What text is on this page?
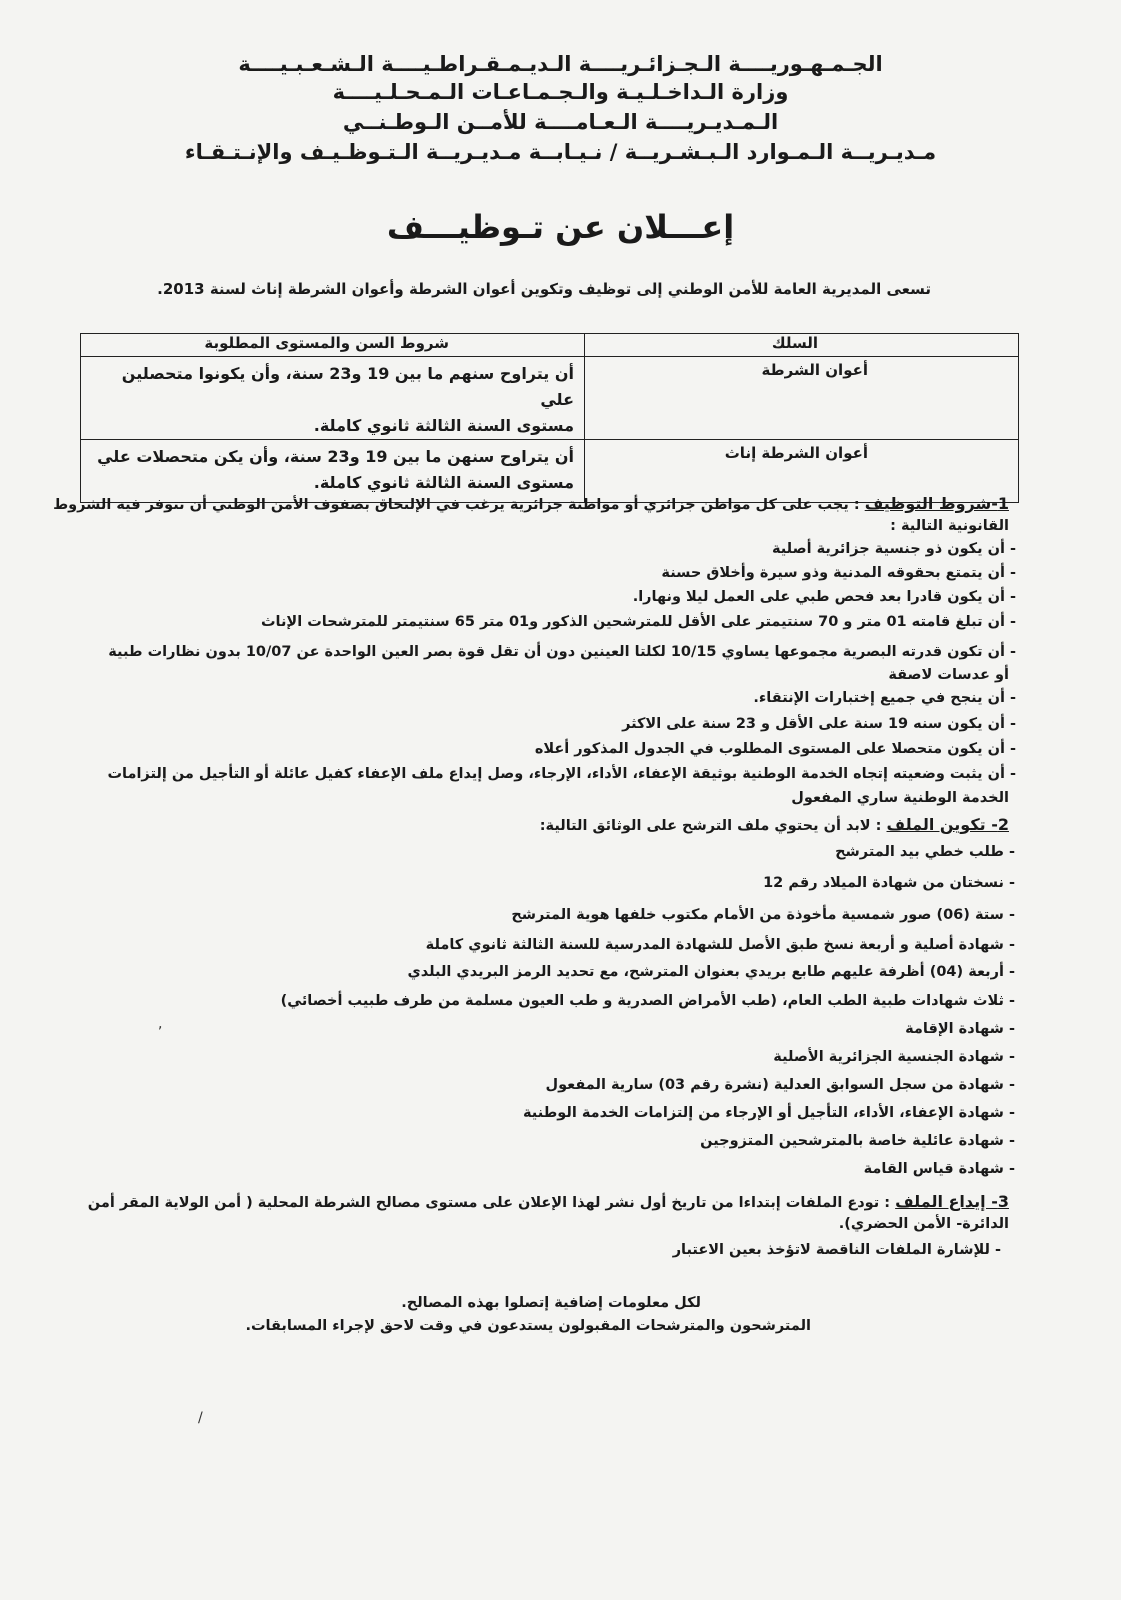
الجـمـهـوريــــة الـجـزائـريــــة الـديـمـقـراطـيــــة الـشـعـبـيــــة
وزارة الـداخـلـيـة والـجـمـاعـات الـمـحـلـيــــة
الـمـديـريــــة الـعـامــــة للأمــن الـوطـنــي
مـديـريــة الـمـوارد الـبـشـريــة / نـيـابــة مـديـريــة الـتـوظـيـف والإنـتـقـاء
إعـــلان عن تـوظيـــف
تسعى المديرية العامة للأمن الوطني إلى توظيف وتكوين أعوان الشرطة وأعوان الشرطة إناث لسنة 2013.
السلك	شروط السن والمستوى المطلوبة
أعوان الشرطة	أن يتراوح سنهم ما بين 19 و23 سنة، وأن يكونوا متحصلين علي
مستوى السنة الثالثة ثانوي كاملة.

أعوان الشرطة إناث	أن يتراوح سنهن ما بين 19 و23 سنة، وأن يكن متحصلات علي
مستوى السنة الثالثة ثانوي كاملة.
1-شروط التوظيف : يجب على كل مواطن جزائري أو مواطنة جزائرية يرغب في الإلتحاق بصفوف الأمن الوطني أن تتوفر فيه الشروط
القانونية التالية :
- أن يكون ذو جنسية جزائرية أصلية
- أن يتمتع بحقوقه المدنية وذو سيرة وأخلاق حسنة
- أن يكون قادرا بعد فحص طبي على العمل ليلا ونهارا.
- أن تبلغ قامته 01 متر و 70 سنتيمتر على الأقل للمترشحين الذكور و01 متر 65 سنتيمتر للمترشحات الإناث
- أن تكون قدرته البصرية مجموعها يساوي 10/15 لكلتا العينين دون أن تقل قوة بصر العين الواحدة عن 10/07 بدون نظارات طبية
أو عدسات لاصقة
- أن ينجح في جميع إختبارات الإنتقاء.
- أن يكون سنه 19 سنة على الأقل و 23 سنة على الاكثر
- أن يكون متحصلا على المستوى المطلوب في الجدول المذكور أعلاه
- أن يثبت وضعيته إتجاه الخدمة الوطنية بوثيقة الإعفاء، الأداء، الإرجاء، وصل إيداع ملف الإعفاء كفيل عائلة أو التأجيل من إلتزامات
الخدمة الوطنية ساري المفعول
2- تكوين الملف : لابد أن يحتوي ملف الترشح على الوثائق التالية:
- طلب خطي بيد المترشح
- نسختان من شهادة الميلاد رقم 12
- ستة (06) صور شمسية مأخوذة من الأمام مكتوب خلفها هوية المترشح
- شهادة أصلية و أربعة نسخ طبق الأصل للشهادة المدرسية للسنة الثالثة ثانوي كاملة
- أربعة (04) أظرفة عليهم طابع بريدي بعنوان المترشح، مع تحديد الرمز البريدي البلدي
- ثلاث شهادات طبية الطب العام، (طب الأمراض الصدرية و طب العيون مسلمة من طرف طبيب أخصائي)
- شهادة الإقامة
- شهادة الجنسية الجزائرية الأصلية
- شهادة من سجل السوابق العدلية (نشرة رقم 03) سارية المفعول
- شهادة الإعفاء، الأداء، التأجيل أو الإرجاء من إلتزامات الخدمة الوطنية
- شهادة عائلية خاصة بالمترشحين المتزوجين
- شهادة قياس القامة
3- إيداع الملف : تودع الملفات إبتداءا من تاريخ أول نشر لهذا الإعلان على مستوى مصالح الشرطة المحلية ( أمن الولاية المقر أمن
الدائرة- الأمن الحضري).
- للإشارة الملفات الناقصة لاتؤخذ بعين الاعتبار
لكل معلومات إضافية إتصلوا بهذه المصالح.
المترشحون والمترشحات المقبولون يستدعون في وقت لاحق لإجراء المسابقات.
,
/
